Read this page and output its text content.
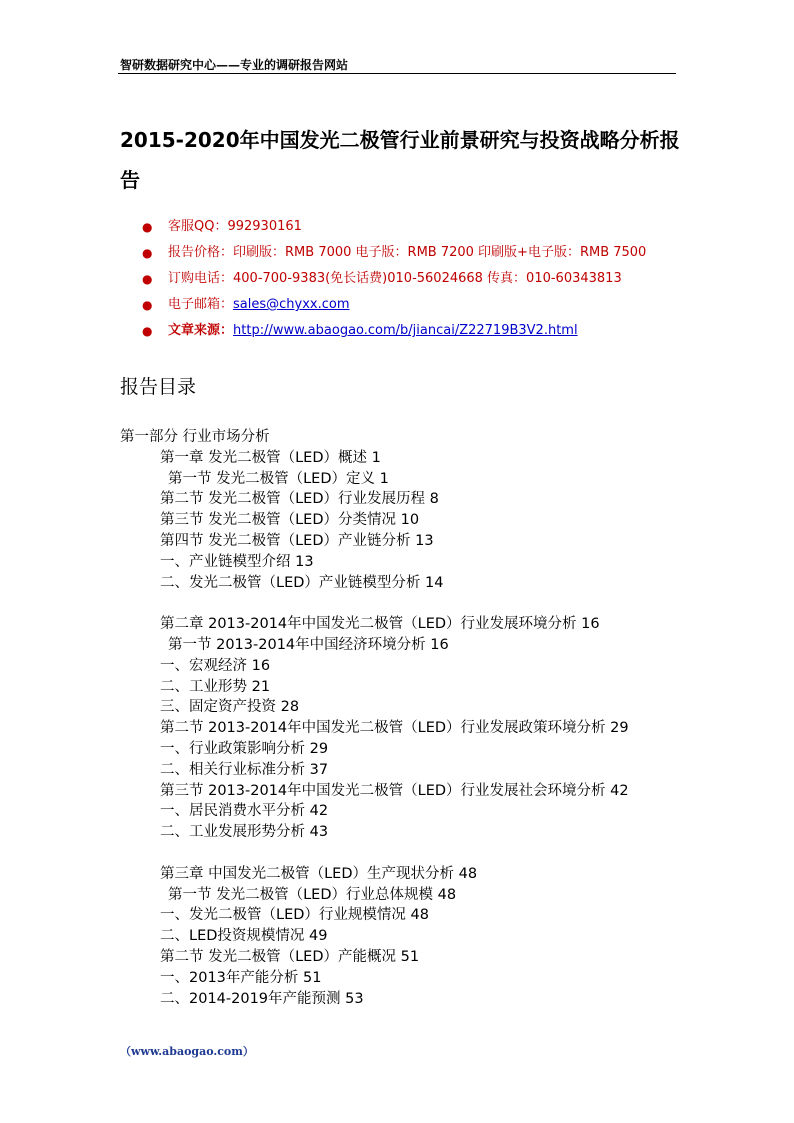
智研数据研究中心——专业的调研报告网站
2015-2020年中国发光二极管行业前景研究与投资战略分析报告
● 客服QQ：992930161
● 报告价格：印刷版：RMB 7000 电子版：RMB 7200 印刷版+电子版：RMB 7500
● 订购电话：400-700-9383(免长话费)010-56024668 传真：010-60343813
● 电子邮箱：sales@chyxx.com
● 文章来源：http://www.abaogao.com/b/jiancai/Z22719B3V2.html
报告目录
第一部分 行业市场分析
第一章 发光二极管（LED）概述 1
第一节 发光二极管（LED）定义 1
第二节 发光二极管（LED）行业发展历程 8
第三节 发光二极管（LED）分类情况 10
第四节 发光二极管（LED）产业链分析 13
一、产业链模型介绍 13
二、发光二极管（LED）产业链模型分析 14
第二章 2013-2014年中国发光二极管（LED）行业发展环境分析 16
第一节 2013-2014年中国经济环境分析 16
一、宏观经济 16
二、工业形势 21
三、固定资产投资 28
第二节 2013-2014年中国发光二极管（LED）行业发展政策环境分析 29
一、行业政策影响分析 29
二、相关行业标准分析 37
第三节 2013-2014年中国发光二极管（LED）行业发展社会环境分析 42
一、居民消费水平分析 42
二、工业发展形势分析 43
第三章 中国发光二极管（LED）生产现状分析 48
第一节 发光二极管（LED）行业总体规模 48
一、发光二极管（LED）行业规模情况 48
二、LED投资规模情况 49
第二节 发光二极管（LED）产能概况 51
一、2013年产能分析 51
二、2014-2019年产能预测 53
（www.abaogao.com）
